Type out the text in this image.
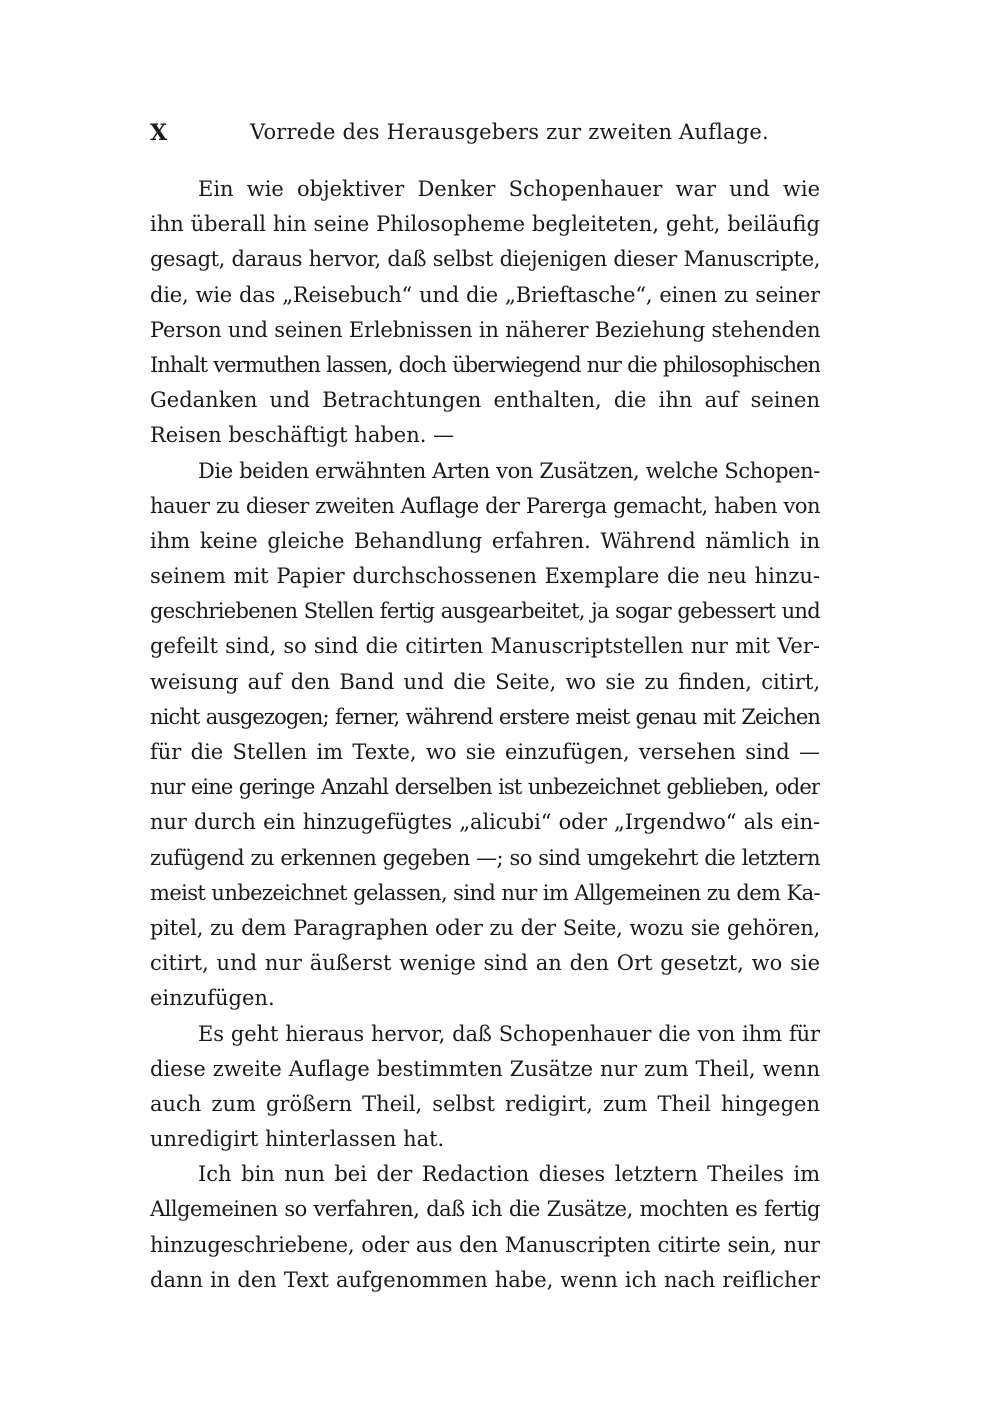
X	Vorrede des Herausgebers zur zweiten Auflage.
Ein wie objektiver Denker Schopenhauer war und wie
ihn überall hin seine Philosopheme begleiteten, geht, beiläufig
gesagt, daraus hervor, daß selbst diejenigen dieser Manuscripte,
die, wie das „Reisebuch“ und die „Brieftasche“, einen zu seiner
Person und seinen Erlebnissen in näherer Beziehung stehenden
Inhalt vermuthen lassen, doch überwiegend nur die philosophischen
Gedanken und Betrachtungen enthalten, die ihn auf seinen
Reisen beschäftigt haben. —
Die beiden erwähnten Arten von Zusätzen, welche Schopen-
hauer zu dieser zweiten Auflage der Parerga gemacht, haben von
ihm keine gleiche Behandlung erfahren. Während nämlich in
seinem mit Papier durchschossenen Exemplare die neu hinzu-
geschriebenen Stellen fertig ausgearbeitet, ja sogar gebessert und
gefeilt sind, so sind die citirten Manuscriptstellen nur mit Ver-
weisung auf den Band und die Seite, wo sie zu finden, citirt,
nicht ausgezogen; ferner, während erstere meist genau mit Zeichen
für die Stellen im Texte, wo sie einzufügen, versehen sind —
nur eine geringe Anzahl derselben ist unbezeichnet geblieben, oder
nur durch ein hinzugefügtes „alicubi“ oder „Irgendwo“ als ein-
zufügend zu erkennen gegeben —; so sind umgekehrt die letztern
meist unbezeichnet gelassen, sind nur im Allgemeinen zu dem Ka-
pitel, zu dem Paragraphen oder zu der Seite, wozu sie gehören,
citirt, und nur äußerst wenige sind an den Ort gesetzt, wo sie
einzufügen.
Es geht hieraus hervor, daß Schopenhauer die von ihm für
diese zweite Auflage bestimmten Zusätze nur zum Theil, wenn
auch zum größern Theil, selbst redigirt, zum Theil hingegen
unredigirt hinterlassen hat.
Ich bin nun bei der Redaction dieses letztern Theiles im
Allgemeinen so verfahren, daß ich die Zusätze, mochten es fertig
hinzugeschriebene, oder aus den Manuscripten citirte sein, nur
dann in den Text aufgenommen habe, wenn ich nach reiflicher
